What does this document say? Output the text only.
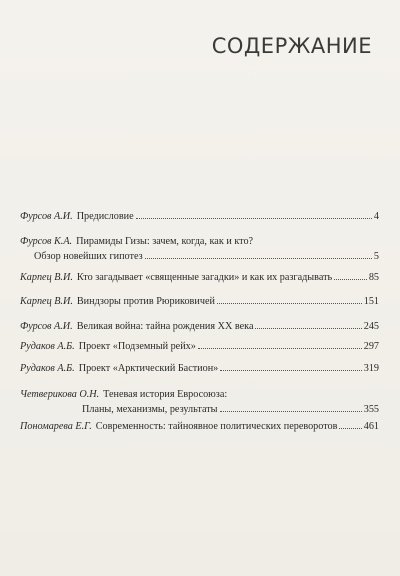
СОДЕРЖАНИЕ
Фурсов А.И. Предисловие	4
Фурсов К.А. Пирамиды Гизы: зачем, когда, как и кто?
Обзор новейших гипотез	5
Карпец В.И. Кто загадывает «священные загадки» и как их разгадывать	85
Карпец В.И. Виндзоры против Рюриковичей	151
Фурсов А.И. Великая война: тайна рождения XX века	245
Рудаков А.Б. Проект «Подземный рейх»	297
Рудаков А.Б. Проект «Арктический Бастион»	319
Четверикова О.Н. Теневая история Евросоюза:
Планы, механизмы, результаты	355
Пономарева Е.Г. Современность: тайноявное политических переворотов	461
